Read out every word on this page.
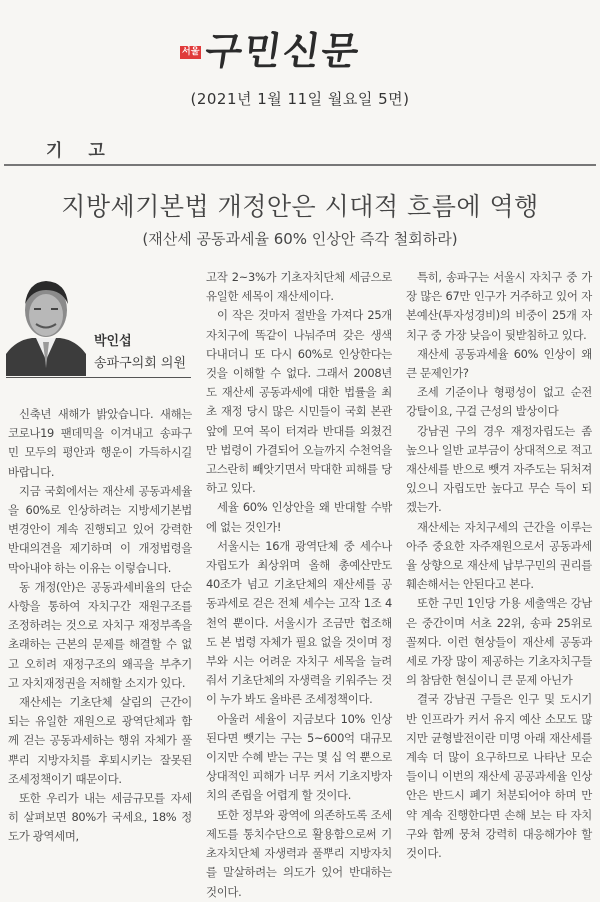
서울 구민신문
(2021년 1월 11일 월요일 5면)
기 고
지방세기본법 개정안은 시대적 흐름에 역행
(재산세 공동과세율 60% 인상안 즉각 철회하라)
박인섭
송파구의회 의원

신축년 새해가 밝았습니다. 새해는 코로나19 팬데믹을 이겨내고 송파구민 모두의 평안과 행운이 가득하시길 바랍니다.

지금 국회에서는 재산세 공동과세율을 60%로 인상하려는 지방세기본법 변경안이 계속 진행되고 있어 강력한 반대의견을 제기하며 이 개정법령을 막아내야 하는 이유는 이렇습니다.

동 개정(안)은 공동과세비율의 단순사항을 통하여 자치구간 재원구조를 조정하려는 것으로 자치구 재정부족을 초래하는 근본의 문제를 해결할 수 없고 오히려 재정구조의 왜곡을 부추기고 자치재정권을 저해할 소지가 있다.

재산세는 기초단체 살림의 근간이 되는 유일한 재원으로 광역단체과 함께 걷는 공동과세하는 행위 자체가 풀뿌리 지방자치를 후퇴시키는 잘못된 조세정책이기 때문이다.

또한 우리가 내는 세금규모를 자세히 살펴보면 80%가 국세요, 18% 정도가 광역세며,

고작 2~3%가 기초자치단체 세금으로 유일한 세목이 재산세이다.

이 작은 것마저 절반을 가져다 25개 자치구에 똑같이 나눠주며 갖은 생색 다내더니 또 다시 60%로 인상한다는 것을 이해할 수 없다. 그래서 2008년도 재산세 공동과세에 대한 법률을 최초 재정 당시 많은 시민들이 국회 본관 앞에 모여 목이 터져라 반대를 외쳤건만 법령이 가결되어 오늘까지 수천억을 고스란히 빼앗기면서 막대한 피해를 당하고 있다.

세율 60% 인상안을 왜 반대할 수밖에 없는 것인가!

서울시는 16개 광역단체 중 세수나 자립도가 최상위며 올해 총예산만도 40조가 넘고 기초단체의 재산세를 공동과세로 걷은 전체 세수는 고작 1조 4천억 뿐이다. 서울시가 조금만 협조해도 본 법령 자체가 필요 없을 것이며 정부와 시는 어려운 자치구 세목을 늘려줘서 기초단체의 자생력을 키워주는 것이 누가 봐도 올바른 조세정책이다.

아울러 세율이 지금보다 10% 인상된다면 뺏기는 구는 5~600억 대규모이지만 수혜 받는 구는 몇 십 억 뿐으로 상대적인 피해가 너무 커서 기초지방자치의 존립을 어렵게 할 것이다.

또한 정부와 광역에 의존하도록 조세제도를 통치수단으로 활용함으로써 기초자치단체 자생력과 풀뿌리 지방자치를 말살하려는 의도가 있어 반대하는 것이다.

특히, 송파구는 서울시 자치구 중 가장 많은 67만 인구가 거주하고 있어 자본예산(투자성경비)의 비중이 25개 자치구 중 가장 낮음이 뒷받침하고 있다.

재산세 공동과세율 60% 인상이 왜 큰 문제인가?

조세 기준이나 형평성이 없고 순전 강탈이요, 구걸 근성의 발상이다

강남권 구의 경우 재정자립도는 좀 높으나 일반 교부금이 상대적으로 적고 재산세를 반으로 뺏겨 자주도는 뒤처져 있으니 자립도만 높다고 무슨 득이 되겠는가.

재산세는 자치구세의 근간을 이루는 아주 중요한 자주재원으로서 공동과세율 상향으로 재산세 납부구민의 권리를 훼손해서는 안된다고 본다.

또한 구민 1인당 가용 세출액은 강남은 중간이며 서초 22위, 송파 25위로 꼴찌다. 이런 현상들이 재산세 공동과세로 가장 많이 제공하는 기초자치구들의 참담한 현실이니 큰 문제 아닌가

결국 강남권 구들은 인구 및 도시기반 인프라가 커서 유지 예산 소모도 많지만 균형발전이란 미명 아래 재산세를 계속 더 많이 요구하므로 나타난 모순들이니 이번의 재산세 공공과세율 인상안은 반드시 폐기 처분되어야 하며 만약 계속 진행한다면 손해 보는 타 자치구와 함께 뭉쳐 강력히 대응해가야 할 것이다.
